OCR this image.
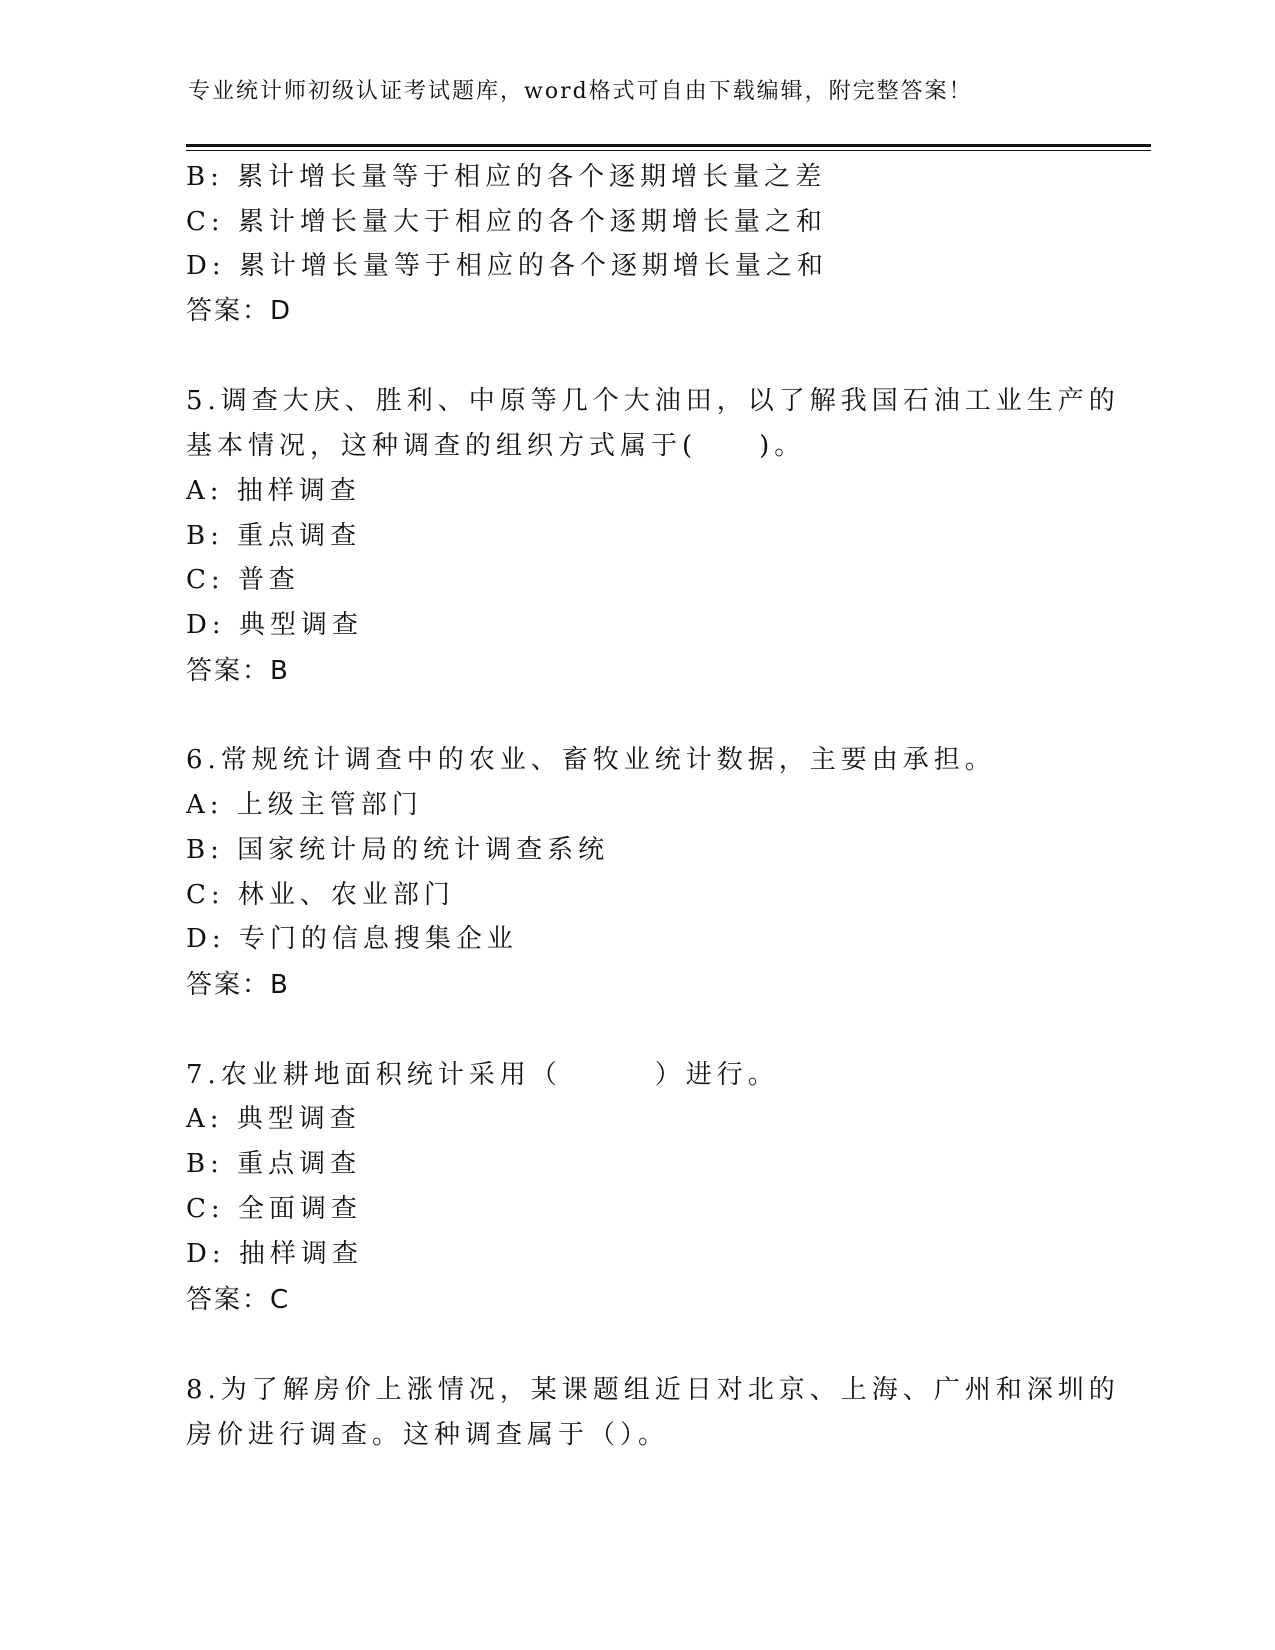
专业统计师初级认证考试题库，word格式可自由下载编辑，附完整答案！
B: 累计增长量等于相应的各个逐期增长量之差
C: 累计增长量大于相应的各个逐期增长量之和
D: 累计增长量等于相应的各个逐期增长量之和
答案：D
5.调查大庆、胜利、中原等几个大油田，以了解我国石油工业生产的
基本情况，这种调查的组织方式属于(　　)。
A: 抽样调查
B: 重点调查
C: 普查
D: 典型调查
答案：B
6.常规统计调查中的农业、畜牧业统计数据，主要由承担。
A: 上级主管部门
B: 国家统计局的统计调查系统
C: 林业、农业部门
D: 专门的信息搜集企业
答案：B
7.农业耕地面积统计采用（　　　）进行。
A: 典型调查
B: 重点调查
C: 全面调查
D: 抽样调查
答案：C
8.为了解房价上涨情况，某课题组近日对北京、上海、广州和深圳的
房价进行调查。这种调查属于（）。
